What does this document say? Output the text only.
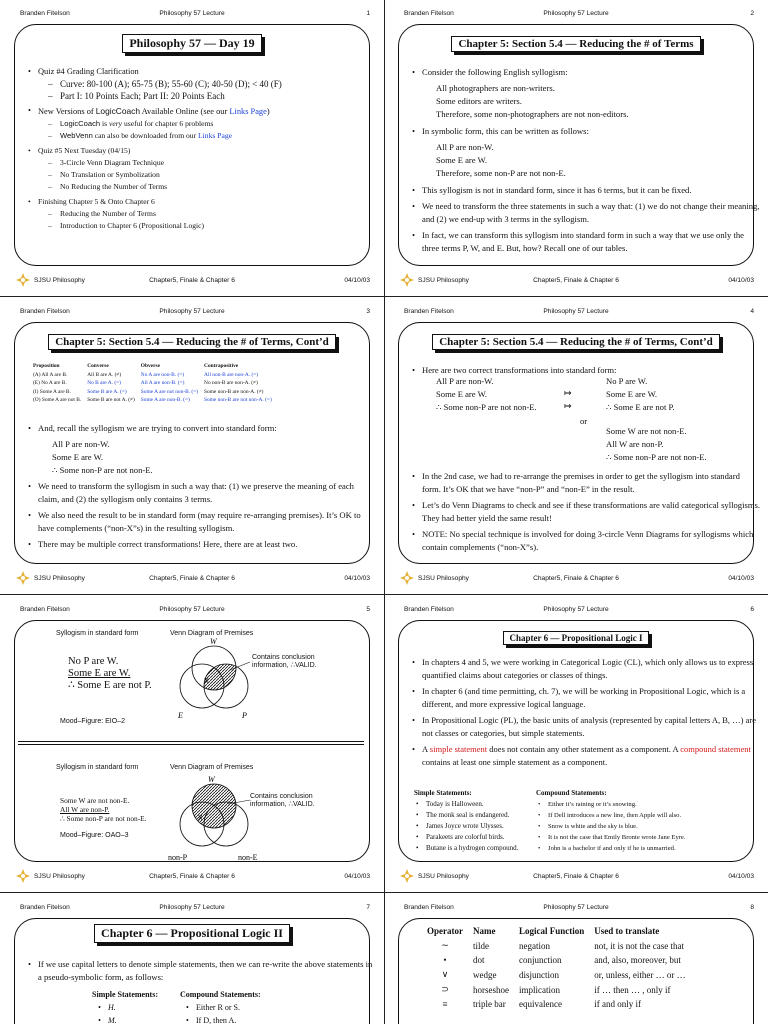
Branden Fitelson	Philosophy 57 Lecture	1
Philosophy 57 — Day 19
• Quiz #4 Grading Clarification
– Curve: 80-100 (A); 65-75 (B); 55-60 (C); 40-50 (D); < 40 (F)
– Part I: 10 Points Each; Part II: 20 Points Each
• New Versions of LogicCoach Available Online (see our Links Page)
– LogicCoach is very useful for chapter 6 problems
– WebVenn can also be downloaded from our Links Page
• Quiz #5 Next Tuesday (04/15)
– 3-Circle Venn Diagram Technique
– No Translation or Symbolization
– No Reducing the Number of Terms
• Finishing Chapter 5 & Onto Chapter 6
– Reducing the Number of Terms
– Introduction to Chapter 6 (Propositional Logic)
SJSU Philosophy	Chapter5, Finale & Chapter 6	04/10/03
Branden Fitelson	Philosophy 57 Lecture	2
Chapter 5: Section 5.4 — Reducing the # of Terms
• Consider the following English syllogism:
All photographers are non-writers.
Some editors are writers.
Therefore, some non-photographers are not non-editors.
• In symbolic form, this can be written as follows:
All P are non-W.
Some E are W.
Therefore, some non-P are not non-E.
• This syllogism is not in standard form, since it has 6 terms, but it can be fixed.
• We need to transform the three statements in such a way that: (1) we do not change their meaning, and (2) we end-up with 3 terms in the syllogism.
• In fact, we can transform this syllogism into standard form in such a way that we use only the three terms P, W, and E. But, how? Recall one of our tables.
SJSU Philosophy	Chapter5, Finale & Chapter 6	04/10/03
Branden Fitelson	Philosophy 57 Lecture	3
Chapter 5: Section 5.4 — Reducing the # of Terms, Cont’d
Proposition	Converse	Obverse	Contrapositive
(A) All A are B.	All B are A. (≠)	No A are non-B. (=)	All non-B are non-A. (=)
(E) No A are B.	No B are A. (=)	All A are non-B. (=)	No non-B are non-A. (≠)
(I) Some A are B.	Some B are A. (=)	Some A are not non-B. (=)	Some non-B are non-A. (≠)
(O) Some A are not B.	Some B are not A. (≠)	Some A are non-B. (=)	Some non-B are not non-A. (=)
• And, recall the syllogism we are trying to convert into standard form:
All P are non-W.
Some E are W.
∴ Some non-P are not non-E.
• We need to transform the syllogism in such a way that: (1) we preserve the meaning of each claim, and (2) the syllogism only contains 3 terms.
• We also need the result to be in standard form (may require re-arranging premises). It’s OK to have complements (“non-X”s) in the resulting syllogism.
• There may be multiple correct transformations! Here, there are at least two.
SJSU Philosophy	Chapter5, Finale & Chapter 6	04/10/03
Branden Fitelson	Philosophy 57 Lecture	4
Chapter 5: Section 5.4 — Reducing the # of Terms, Cont’d
• Here are two correct transformations into standard form:
All P are non-W.
Some E are W.
∴ Some non-P are not non-E.
↦
↦
No P are W.
Some E are W.
∴ Some E are not P.
or
Some W are not non-E.
All W are non-P.
∴ Some non-P are not non-E.
• In the 2nd case, we had to re-arrange the premises in order to get the syllogism into standard form. It’s OK that we have “non-P” and “non-E” in the result.
• Let’s do Venn Diagrams to check and see if these transformations are valid categorical syllogisms. They had better yield the same result!
• NOTE: No special technique is involved for doing 3-circle Venn Diagrams for syllogisms which contain complements (“non-X”s).
SJSU Philosophy	Chapter5, Finale & Chapter 6	04/10/03
Branden Fitelson	Philosophy 57 Lecture	5
Syllogism in standard form	Venn Diagram of Premises
No P are W.
Some E are W.
∴ Some E are not P.
Mood–Figure: EIO–2
W
E	P
X
Contains conclusion
information, ∴VALID.
Syllogism in standard form	Venn Diagram of Premises
Some W are not non-E.
All W are non-P.
∴ Some non-P are not non-E.
Mood–Figure: OAO–3
W
non-P	non-E
X
Contains conclusion
information, ∴VALID.
SJSU Philosophy	Chapter5, Finale & Chapter 6	04/10/03
Branden Fitelson	Philosophy 57 Lecture	6
Chapter 6 — Propositional Logic I
• In chapters 4 and 5, we were working in Categorical Logic (CL), which only allows us to express quantified claims about categories or classes of things.
• In chapter 6 (and time permitting, ch. 7), we will be working in Propositional Logic, which is a different, and more expressive logical language.
• In Propositional Logic (PL), the basic units of analysis (represented by capital letters A, B, …) are not classes or categories, but simple statements.
• A simple statement does not contain any other statement as a component. A compound statement contains at least one simple statement as a component.
Simple Statements:
• Today is Halloween.
• The monk seal is endangered.
• James Joyce wrote Ulysses.
• Parakeets are colorful birds.
• Butane is a hydrogen compound.
Compound Statements:
• Either it’s raining or it’s snowing.
• If Dell introduces a new line, then Apple will also.
• Snow is white and the sky is blue.
• It is not the case that Emily Bronte wrote Jane Eyre.
• John is a bachelor if and only if he is unmarried.
SJSU Philosophy	Chapter5, Finale & Chapter 6	04/10/03
Branden Fitelson	Philosophy 57 Lecture	7
Chapter 6 — Propositional Logic II
• If we use capital letters to denote simple statements, then we can re-write the above statements in a pseudo-symbolic form, as follows:
Simple Statements:
• H.
• M.
Compound Statements:
• Either R or S.
• If D, then A.
Branden Fitelson	Philosophy 57 Lecture	8
Operator	Name	Logical Function	Used to translate
∼	tilde	negation	not, it is not the case that
•	dot	conjunction	and, also, moreover, but
∨	wedge	disjunction	or, unless, either … or …
⊃	horseshoe	implication	if … then … , only if
≡	triple bar	equivalence	if and only if
